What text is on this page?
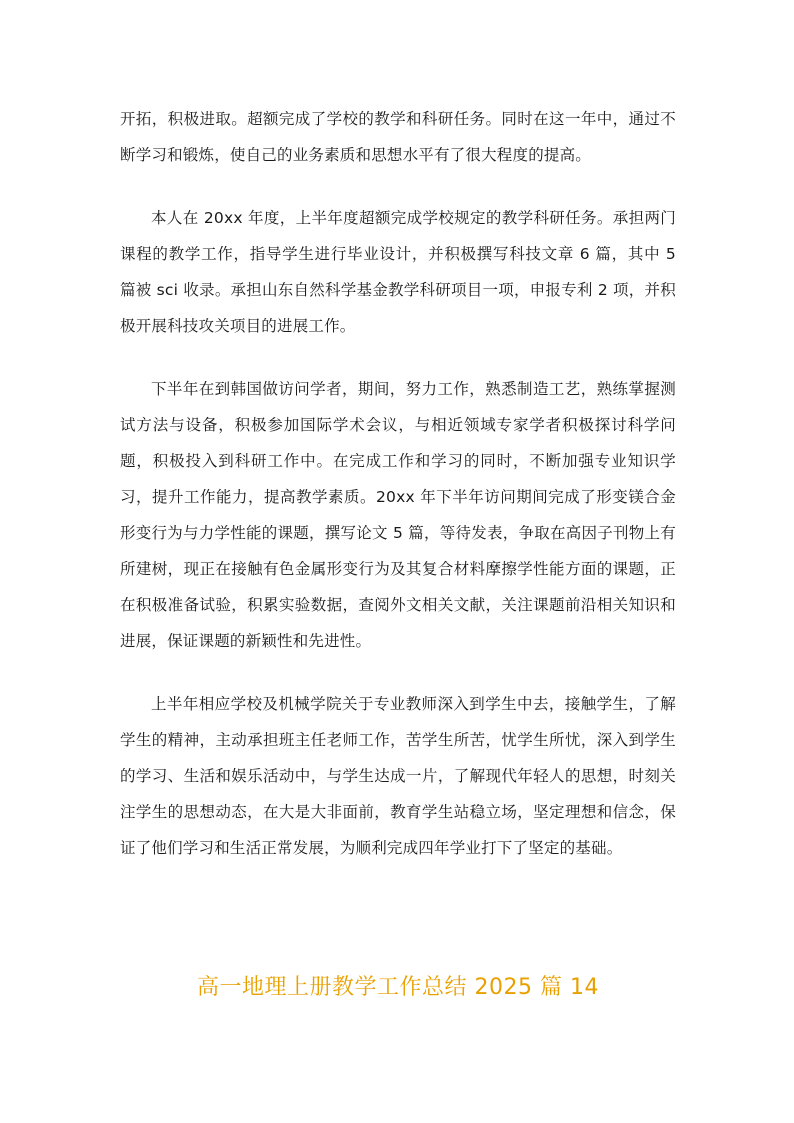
开拓，积极进取。超额完成了学校的教学和科研任务。同时在这一年中，通过不断学习和锻炼，使自己的业务素质和思想水平有了很大程度的提高。

本人在 20xx 年度，上半年度超额完成学校规定的教学科研任务。承担两门课程的教学工作，指导学生进行毕业设计，并积极撰写科技文章 6 篇，其中 5 篇被 sci 收录。承担山东自然科学基金教学科研项目一项，申报专利 2 项，并积极开展科技攻关项目的进展工作。

下半年在到韩国做访问学者，期间，努力工作，熟悉制造工艺，熟练掌握测试方法与设备，积极参加国际学术会议，与相近领域专家学者积极探讨科学问题，积极投入到科研工作中。在完成工作和学习的同时，不断加强专业知识学习，提升工作能力，提高教学素质。20xx 年下半年访问期间完成了形变镁合金形变行为与力学性能的课题，撰写论文 5 篇，等待发表，争取在高因子刊物上有所建树，现正在接触有色金属形变行为及其复合材料摩擦学性能方面的课题，正在积极准备试验，积累实验数据，查阅外文相关文献，关注课题前沿相关知识和进展，保证课题的新颖性和先进性。

上半年相应学校及机械学院关于专业教师深入到学生中去，接触学生，了解学生的精神，主动承担班主任老师工作，苦学生所苦，忧学生所忧，深入到学生的学习、生活和娱乐活动中，与学生达成一片，了解现代年轻人的思想，时刻关注学生的思想动态，在大是大非面前，教育学生站稳立场，坚定理想和信念，保证了他们学习和生活正常发展，为顺利完成四年学业打下了坚定的基础。

高一地理上册教学工作总结 2025 篇 14
